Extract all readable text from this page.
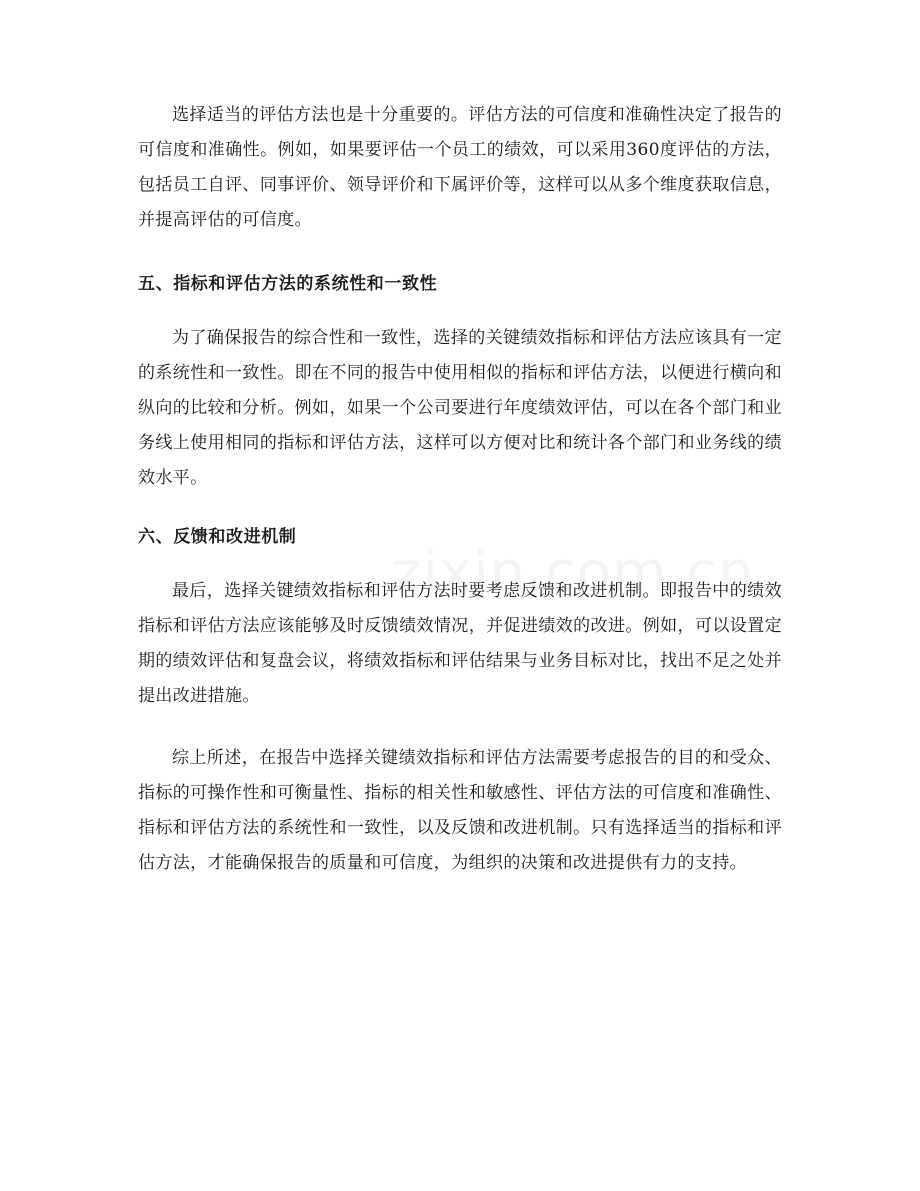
选择适当的评估方法也是十分重要的。评估方法的可信度和准确性决定了报告的可信度和准确性。例如，如果要评估一个员工的绩效，可以采用360度评估的方法，包括员工自评、同事评价、领导评价和下属评价等，这样可以从多个维度获取信息，并提高评估的可信度。

五、指标和评估方法的系统性和一致性

为了确保报告的综合性和一致性，选择的关键绩效指标和评估方法应该具有一定的系统性和一致性。即在不同的报告中使用相似的指标和评估方法，以便进行横向和纵向的比较和分析。例如，如果一个公司要进行年度绩效评估，可以在各个部门和业务线上使用相同的指标和评估方法，这样可以方便对比和统计各个部门和业务线的绩效水平。

六、反馈和改进机制

最后，选择关键绩效指标和评估方法时要考虑反馈和改进机制。即报告中的绩效指标和评估方法应该能够及时反馈绩效情况，并促进绩效的改进。例如，可以设置定期的绩效评估和复盘会议，将绩效指标和评估结果与业务目标对比，找出不足之处并提出改进措施。

综上所述，在报告中选择关键绩效指标和评估方法需要考虑报告的目的和受众、指标的可操作性和可衡量性、指标的相关性和敏感性、评估方法的可信度和准确性、指标和评估方法的系统性和一致性，以及反馈和改进机制。只有选择适当的指标和评估方法，才能确保报告的质量和可信度，为组织的决策和改进提供有力的支持。
